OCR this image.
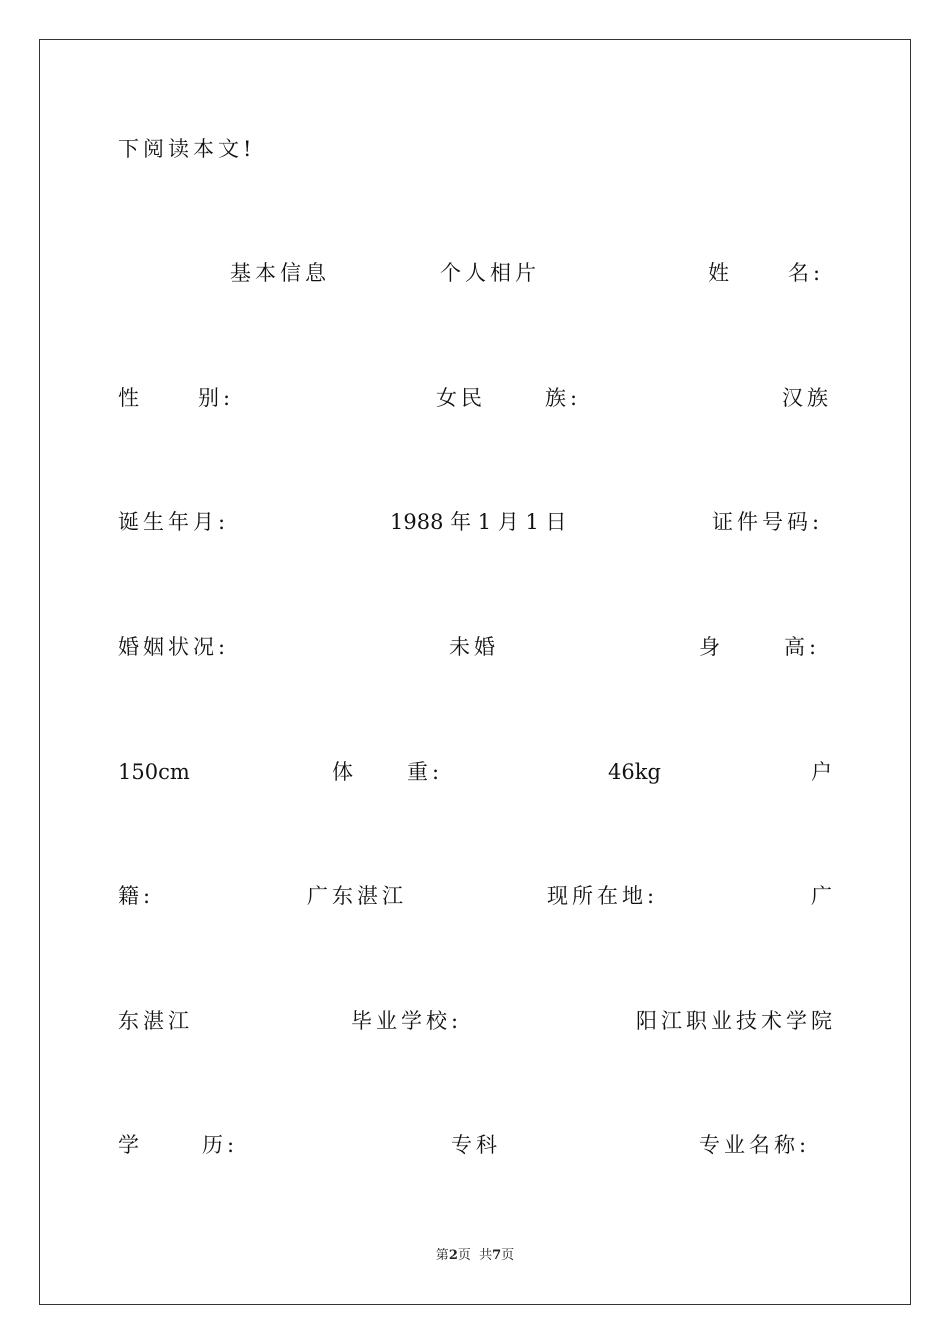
下阅读本文!
基本信息	个人相片	姓	名:
性	别:	女民	族:	汉族
诞生年月:	1988 年 1 月 1 日	证件号码:
婚姻状况:	未婚	身	高:
150cm	体 重:	46kg	户
籍:	广东湛江	现所在地:	广
东湛江	毕业学校:	阳江职业技术学院
学	历:	专科	专业名称:
第2页  共7页
